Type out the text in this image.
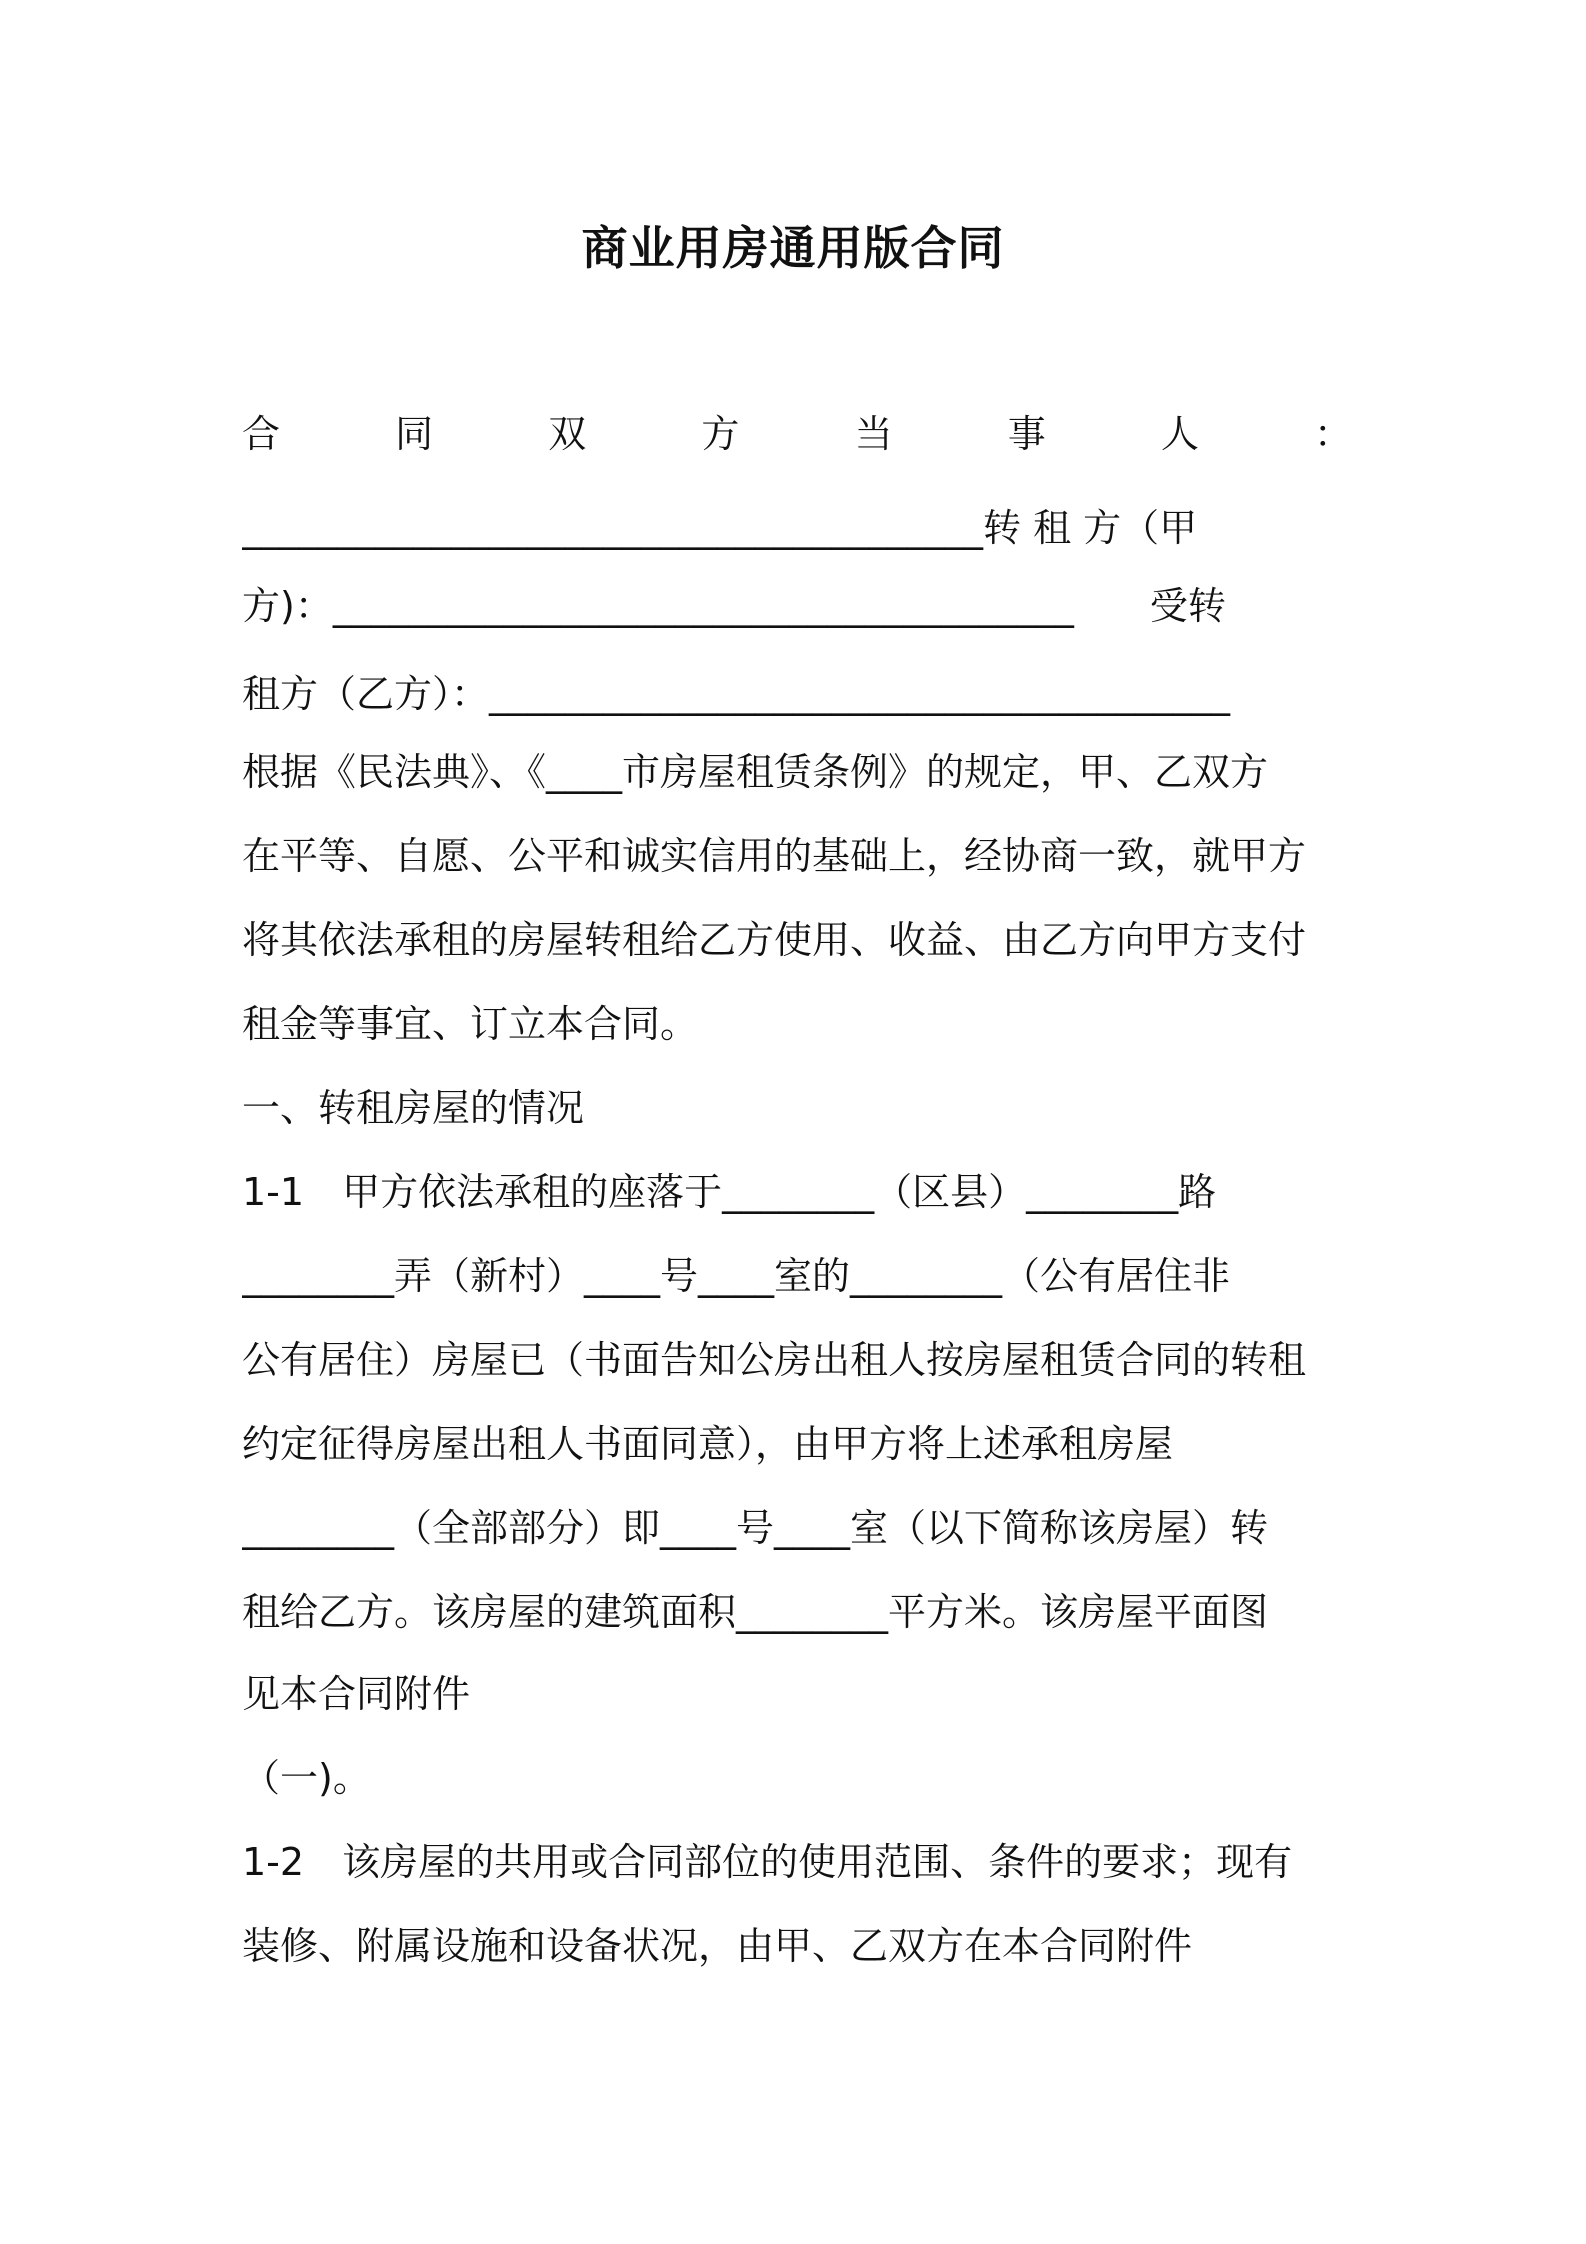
商业用房通用版合同
合	同	双	方	当	事	人	：
_______________________________________转 租 方（甲
方)：_______________________________________　　受转
租方（乙方）：_______________________________________
根据《民法典》、《____市房屋租赁条例》的规定，甲、乙双方
在平等、自愿、公平和诚实信用的基础上，经协商一致，就甲方
将其依法承租的房屋转租给乙方使用、收益、由乙方向甲方支付
租金等事宜、订立本合同。
一、转租房屋的情况
1-1　甲方依法承租的座落于________（区县）________路
________弄（新村）____号____室的________（公有居住非
公有居住）房屋已（书面告知公房出租人按房屋租赁合同的转租
约定征得房屋出租人书面同意），由甲方将上述承租房屋
________（全部部分）即____号____室（以下简称该房屋）转
租给乙方。该房屋的建筑面积________平方米。该房屋平面图
见本合同附件
（一)。
1-2　该房屋的共用或合同部位的使用范围、条件的要求；现有
装修、附属设施和设备状况，由甲、乙双方在本合同附件
